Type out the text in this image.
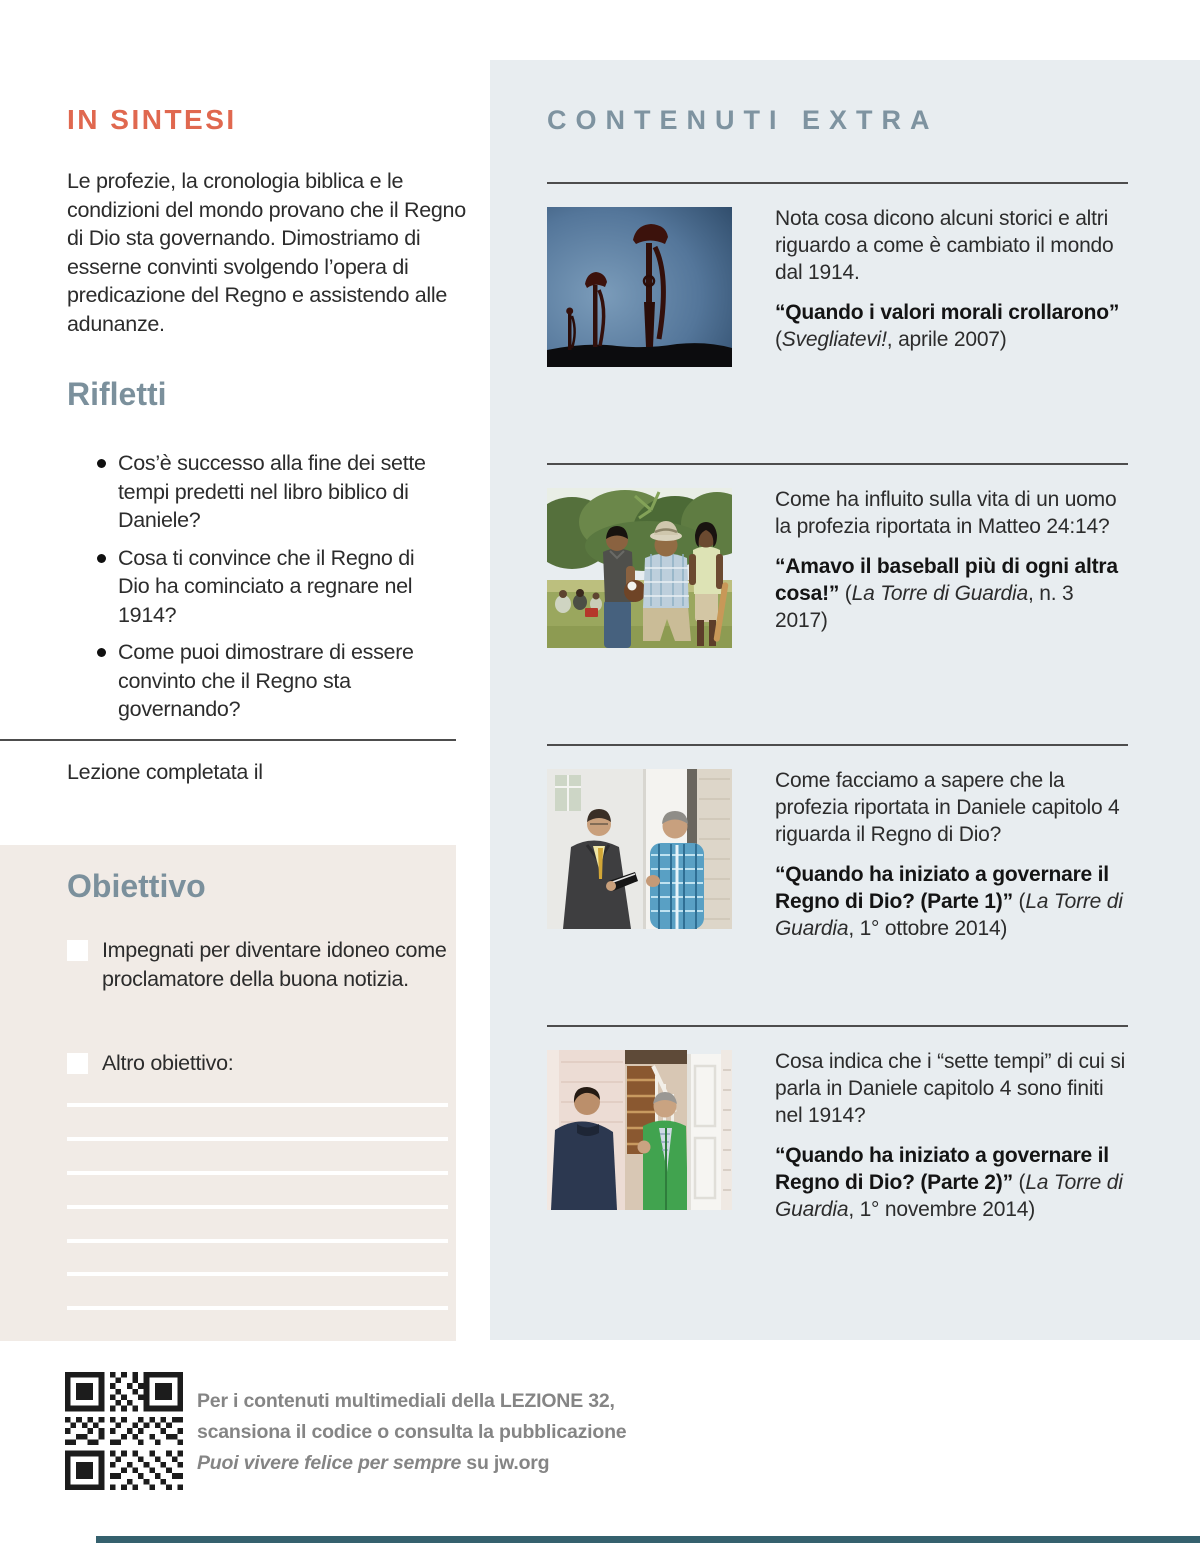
IN SINTESI

Le profezie, la cronologia biblica e le condizioni del mondo provano che il Regno di Dio sta governando. Dimostriamo di esserne convinti svolgendo l’opera di predicazione del Regno e assistendo alle adunanze.

Rifletti
Cos’è successo alla fine dei sette tempi predetti nel libro biblico di Daniele?
Cosa ti convince che il Regno di Dio ha cominciato a regnare nel 1914?
Come puoi dimostrare di essere convinto che il Regno sta governando?

Lezione completata il

Obiettivo
Impegnati per diventare idoneo come proclamatore della buona notizia.
Altro obiettivo:
CONTENUTI EXTRA

Nota cosa dicono alcuni storici e altri riguardo a come è cambiato il mondo dal 1914.

“Quando i valori morali crollarono” (Svegliatevi!, aprile 2007)

Come ha influito sulla vita di un uomo la profezia riportata in Matteo 24:14?

“Amavo il baseball più di ogni altra cosa!” (La Torre di Guardia, n. 3 2017)

Come facciamo a sapere che la profezia riportata in Daniele capitolo 4 riguarda il Regno di Dio?

“Quando ha iniziato a governare il Regno di Dio? (Parte 1)” (La Torre di Guardia, 1° ottobre 2014)

Cosa indica che i “sette tempi” di cui si parla in Daniele capitolo 4 sono finiti nel 1914?

“Quando ha iniziato a governare il Regno di Dio? (Parte 2)” (La Torre di Guardia, 1° novembre 2014)

Per i contenuti multimediali della LEZIONE 32,
scansiona il codice o consulta la pubblicazione
Puoi vivere felice per sempre su jw.org
